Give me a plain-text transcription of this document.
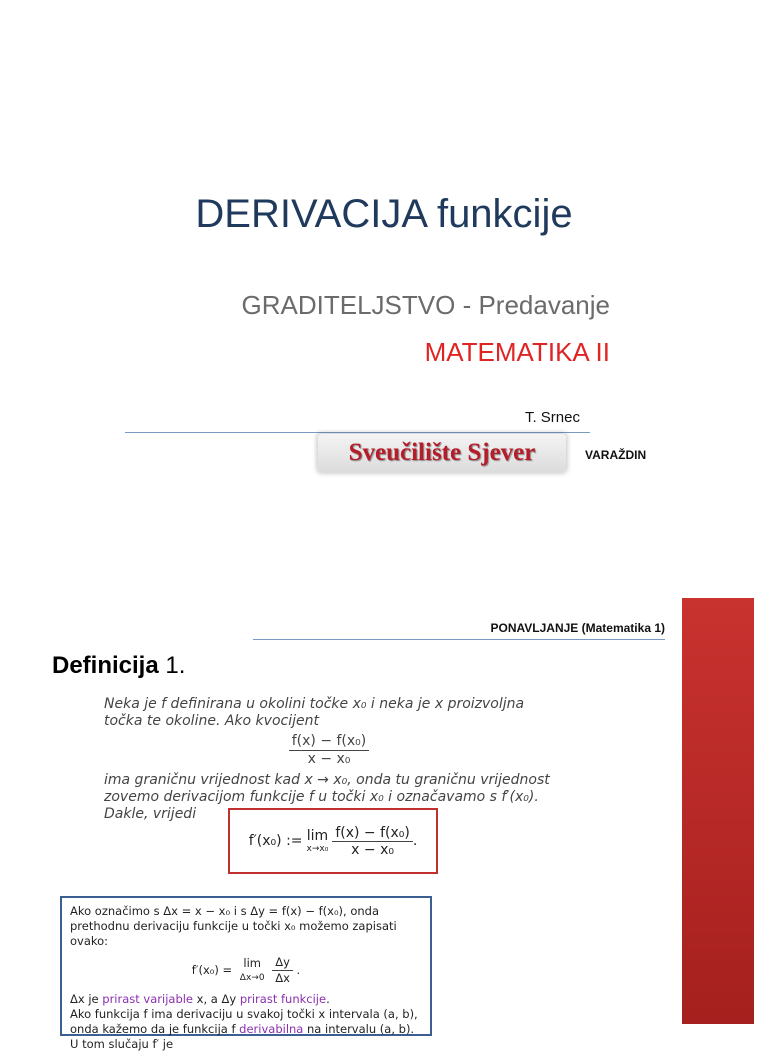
DERIVACIJA funkcije
GRADITELJSTVO - Predavanje
MATEMATIKA II
T. Srnec
Sveučilište Sjever	VARAŽDIN
PONAVLJANJE (Matematika 1)
Definicija 1.

Neka je f definirana u okolini točke x₀ i neka je x proizvoljna točka te okoline. Ako kvocijent

$\frac{\text{f(x) − f(x₀)}}{\text{x − x₀}}$

ima graničnu vrijednost kad x → x₀, onda tu graničnu vrijednost zovemo derivacijom funkcije f u točki x₀ i označavamo s f′(x₀).

Dakle, vrijedi

f′(x₀) := lim
$x\to x_0 \frac{\text{f(x) − f(x₀)}}{\text{x − x₀}}$ .

Ako označimo s Δx = x − x₀ i s Δy = f(x) − f(x₀), onda prethodnu derivaciju funkcije u točki x₀ možemo zapisati ovako:

f′(x₀) =
lim
Δx→0
$\frac{\Delta y}{\Delta x}$ .

Δx je prirast varijable x, a Δy prirast funkcije.

Ako funkcija f ima derivaciju u svakoj točki x intervala (a, b), onda kažemo da je funkcija f derivabilna na intervalu (a, b). U tom slučaju f′ je
